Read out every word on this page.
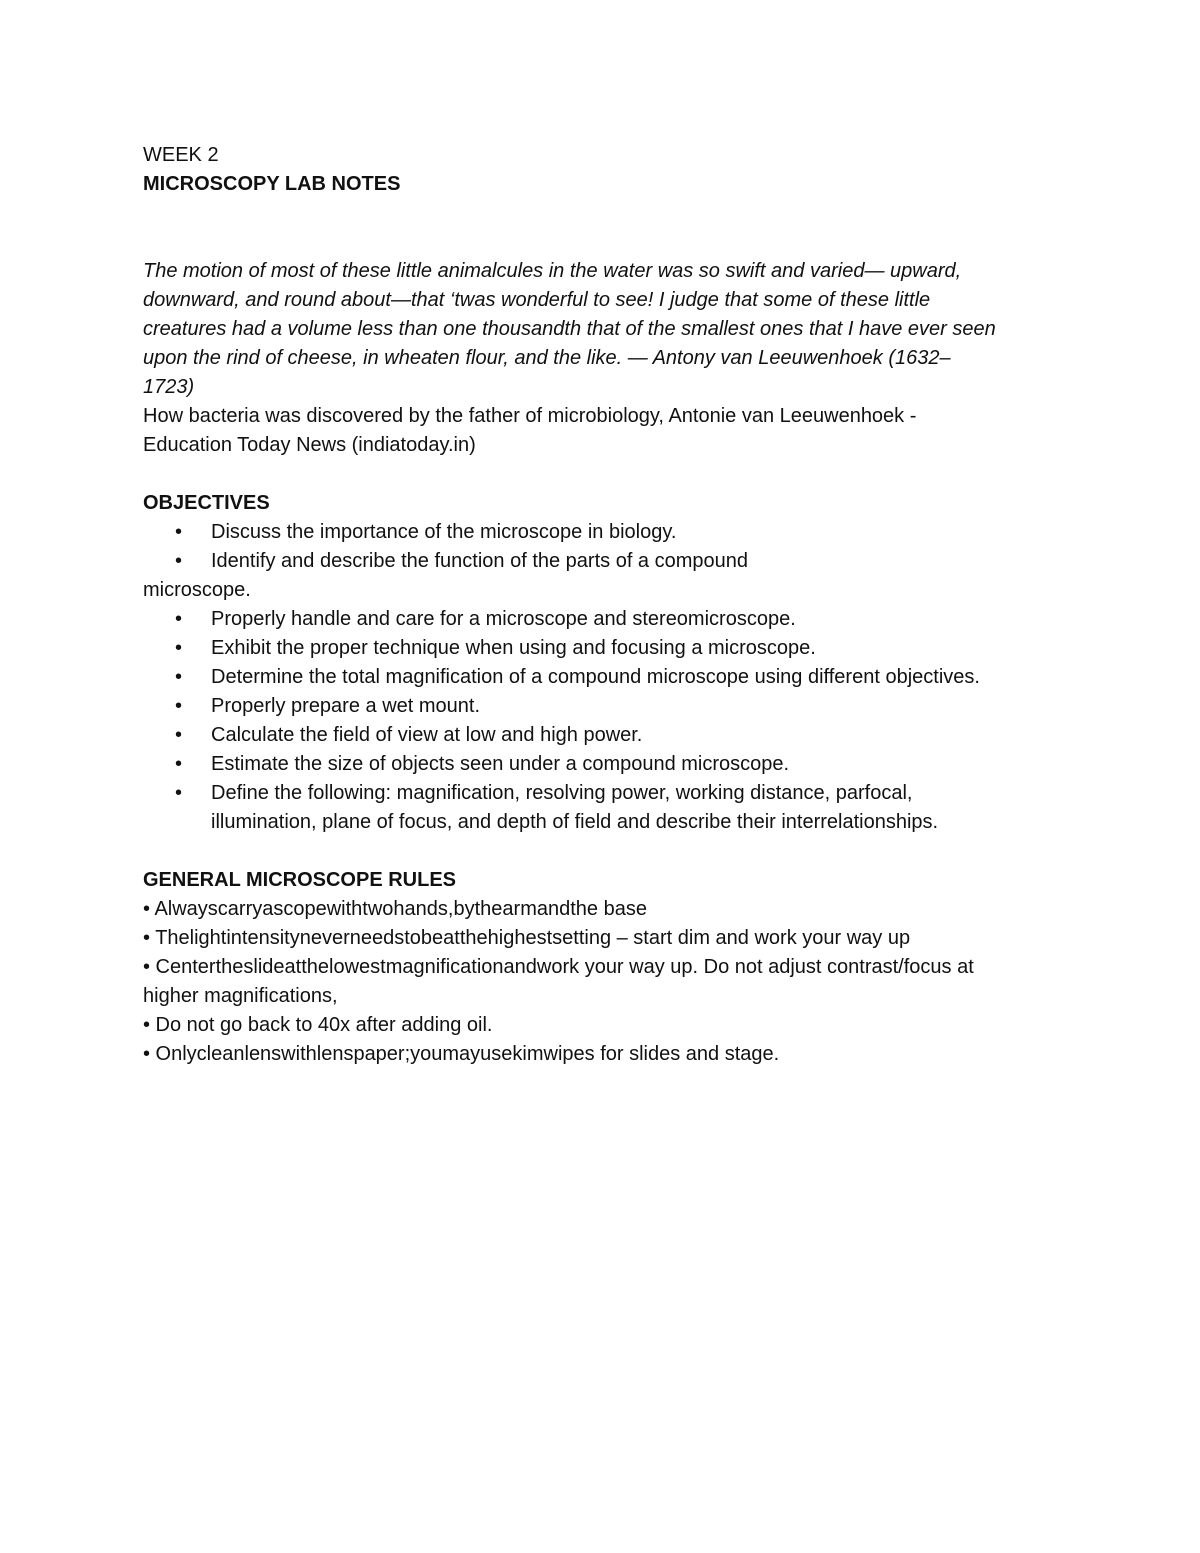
WEEK 2

MICROSCOPY LAB NOTES

The motion of most of these little animalcules in the water was so swift and varied— upward,

downward, and round about—that ‘twas wonderful to see! I judge that some of these little

creatures had a volume less than one thousandth that of the smallest ones that I have ever seen

upon the rind of cheese, in wheaten flour, and the like. — Antony van Leeuwenhoek (1632–

1723)

How bacteria was discovered by the father of microbiology, Antonie van Leeuwenhoek -

Education Today News (indiatoday.in)

OBJECTIVES

• Discuss the importance of the microscope in biology.
• Identify and describe the function of the parts of a compound

microscope.

• Properly handle and care for a microscope and stereomicroscope.
• Exhibit the proper technique when using and focusing a microscope.
• Determine the total magnification of a compound microscope using different objectives.
• Properly prepare a wet mount.
• Calculate the field of view at low and high power.
• Estimate the size of objects seen under a compound microscope.
• Define the following: magnification, resolving power, working distance, parfocal,
illumination, plane of focus, and depth of field and describe their interrelationships.

GENERAL MICROSCOPE RULES

• Alwayscarryascopewithtwohands,bythearmandthe base

• Thelightintensityneverneedstobeatthehighestsetting – start dim and work your way up

• Centertheslideatthelowestmagnificationandwork your way up. Do not adjust contrast/focus at

higher magnifications,

• Do not go back to 40x after adding oil.

• Onlycleanlenswithlenspaper;youmayusekimwipes for slides and stage.
